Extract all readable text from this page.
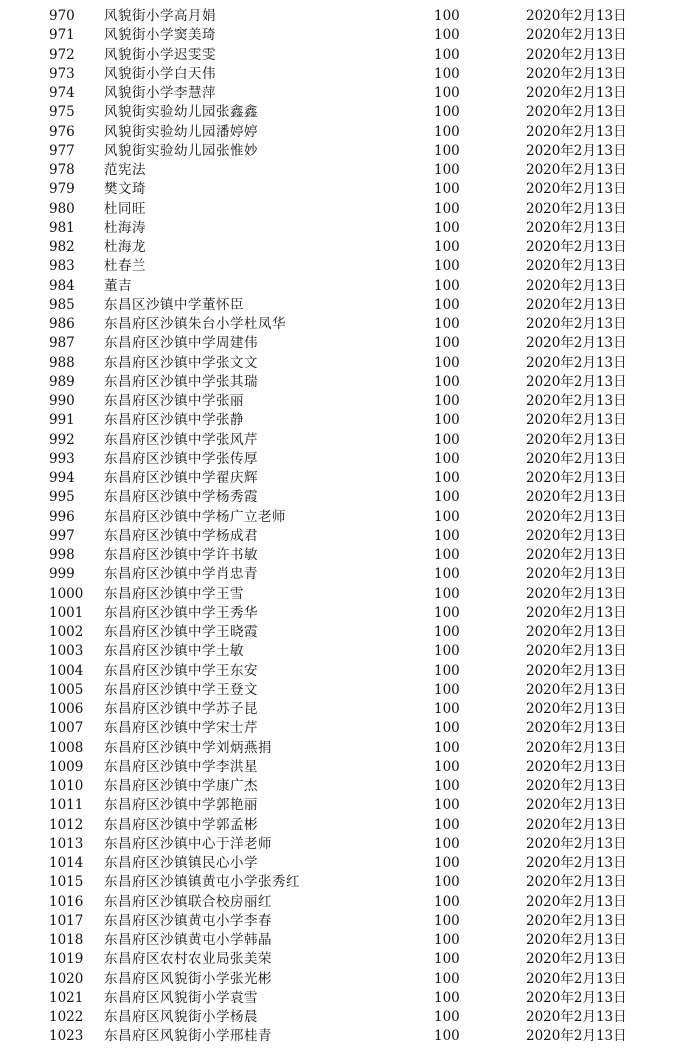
970 风貌街小学高月娟	100	2020年2月13日
971 风貌街小学窦美琦	100	2020年2月13日
972 风貌街小学迟雯雯	100	2020年2月13日
973 风貌街小学白天伟	100	2020年2月13日
974 风貌街小学李慧萍	100	2020年2月13日
975 风貌街实验幼儿园张鑫鑫	100	2020年2月13日
976 风貌街实验幼儿园潘婷婷	100	2020年2月13日
977 风貌街实验幼儿园张惟妙	100	2020年2月13日
978 范宪法	100	2020年2月13日
979 樊文琦	100	2020年2月13日
980 杜同旺	100	2020年2月13日
981 杜海涛	100	2020年2月13日
982 杜海龙	100	2020年2月13日
983 杜春兰	100	2020年2月13日
984 董吉	100	2020年2月13日
985 东昌区沙镇中学董怀臣	100	2020年2月13日
986 东昌府区沙镇朱台小学杜凤华	100	2020年2月13日
987 东昌府区沙镇中学周建伟	100	2020年2月13日
988 东昌府区沙镇中学张文文	100	2020年2月13日
989 东昌府区沙镇中学张其瑞	100	2020年2月13日
990 东昌府区沙镇中学张丽	100	2020年2月13日
991 东昌府区沙镇中学张静	100	2020年2月13日
992 东昌府区沙镇中学张风芹	100	2020年2月13日
993 东昌府区沙镇中学张传厚	100	2020年2月13日
994 东昌府区沙镇中学翟庆辉	100	2020年2月13日
995 东昌府区沙镇中学杨秀霞	100	2020年2月13日
996 东昌府区沙镇中学杨广立老师	100	2020年2月13日
997 东昌府区沙镇中学杨成君	100	2020年2月13日
998 东昌府区沙镇中学许书敏	100	2020年2月13日
999 东昌府区沙镇中学肖忠青	100	2020年2月13日
1000 东昌府区沙镇中学王雪	100	2020年2月13日
1001 东昌府区沙镇中学王秀华	100	2020年2月13日
1002 东昌府区沙镇中学王晓霞	100	2020年2月13日
1003 东昌府区沙镇中学土敏	100	2020年2月13日
1004 东昌府区沙镇中学王东安	100	2020年2月13日
1005 东昌府区沙镇中学王登文	100	2020年2月13日
1006 东昌府区沙镇中学苏子昆	100	2020年2月13日
1007 东昌府区沙镇中学宋士芹	100	2020年2月13日
1008 东昌府区沙镇中学刘炳燕捐	100	2020年2月13日
1009 东昌府区沙镇中学李洪星	100	2020年2月13日
1010 东昌府区沙镇中学康广杰	100	2020年2月13日
1011 东昌府区沙镇中学郭艳丽	100	2020年2月13日
1012 东昌府区沙镇中学郭孟彬	100	2020年2月13日
1013 东昌府区沙镇中心于洋老师	100	2020年2月13日
1014 东昌府区沙镇镇民心小学	100	2020年2月13日
1015 东昌府区沙镇镇黄屯小学张秀红	100	2020年2月13日
1016 东昌府区沙镇联合校房丽红	100	2020年2月13日
1017 东昌府区沙镇黄屯小学李春	100	2020年2月13日
1018 东昌府区沙镇黄屯小学韩晶	100	2020年2月13日
1019 东昌府区农村农业局张美荣	100	2020年2月13日
1020 东昌府区风貌街小学张光彬	100	2020年2月13日
1021 东昌府区风貌街小学袁雪	100	2020年2月13日
1022 东昌府区风貌街小学杨晨	100	2020年2月13日
1023 东昌府区风貌街小学邢桂青	100	2020年2月13日
